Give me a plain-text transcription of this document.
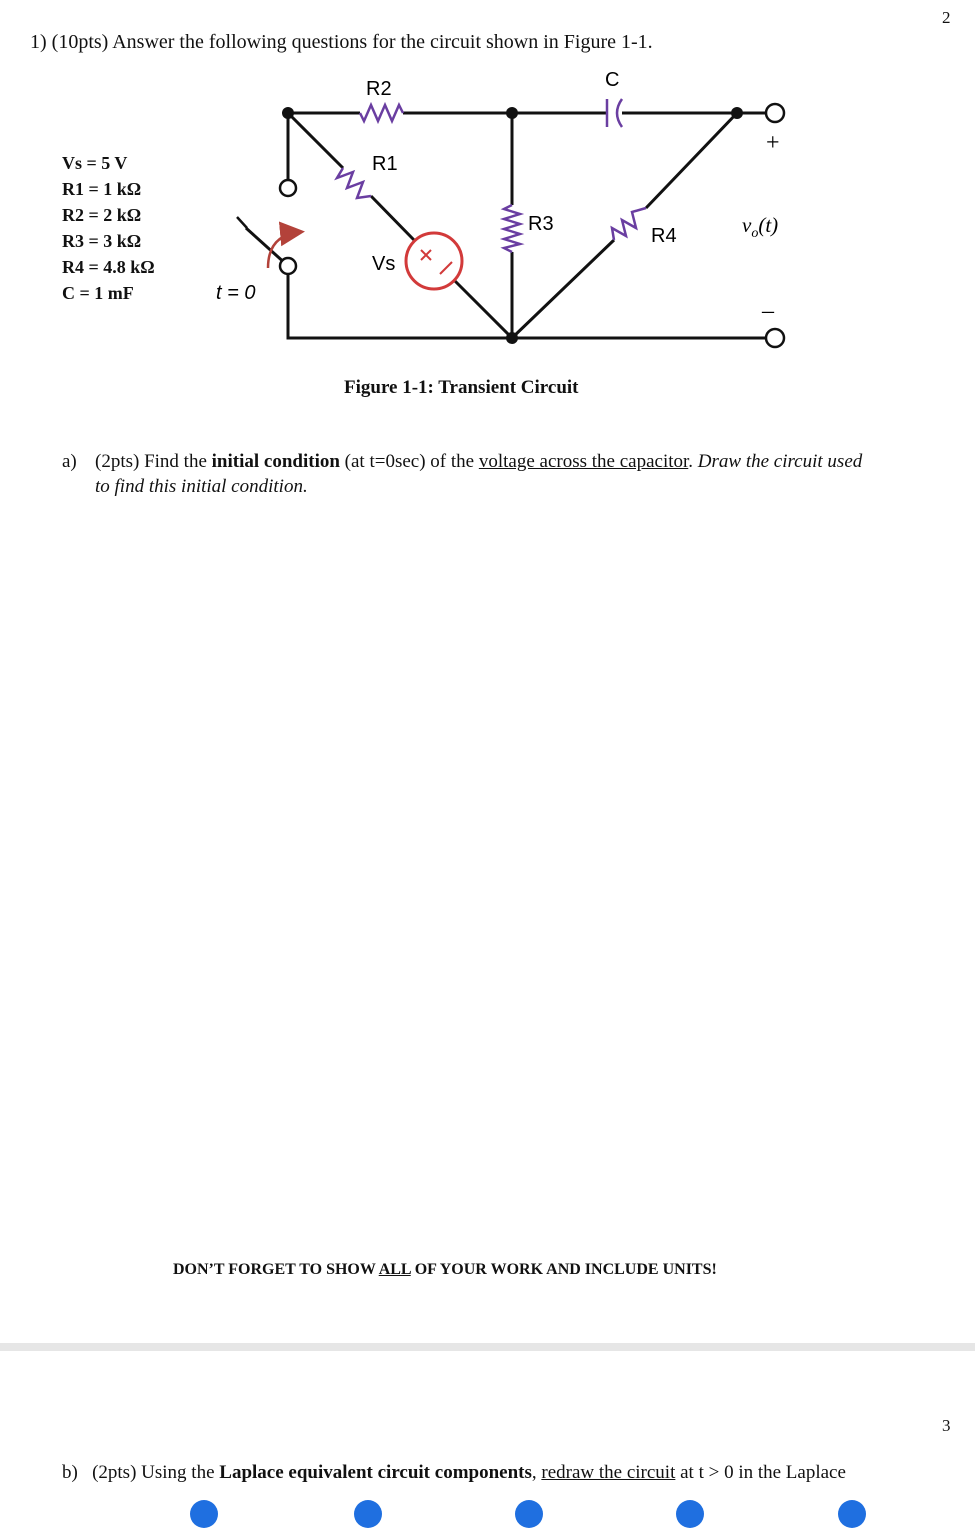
2
1) (10pts) Answer the following questions for the circuit shown in Figure 1-1.
Vs = 5 V
R1 = 1 kΩ
R2 = 2 kΩ
R3 = 3 kΩ
R4 = 4.8 kΩ
C = 1 mF
R2	C
R1
R3
R4
Vs
t = 0
+
–
$v_o(t)$
Figure 1-1: Transient Circuit
a) (2pts) Find the initial condition (at t=0sec) of the voltage across the capacitor. Draw the circuit used
to find this initial condition.
DON’T FORGET TO SHOW ALL OF YOUR WORK AND INCLUDE UNITS!
3
b) (2pts) Using the Laplace equivalent circuit components, redraw the circuit at t > 0 in the Laplace
